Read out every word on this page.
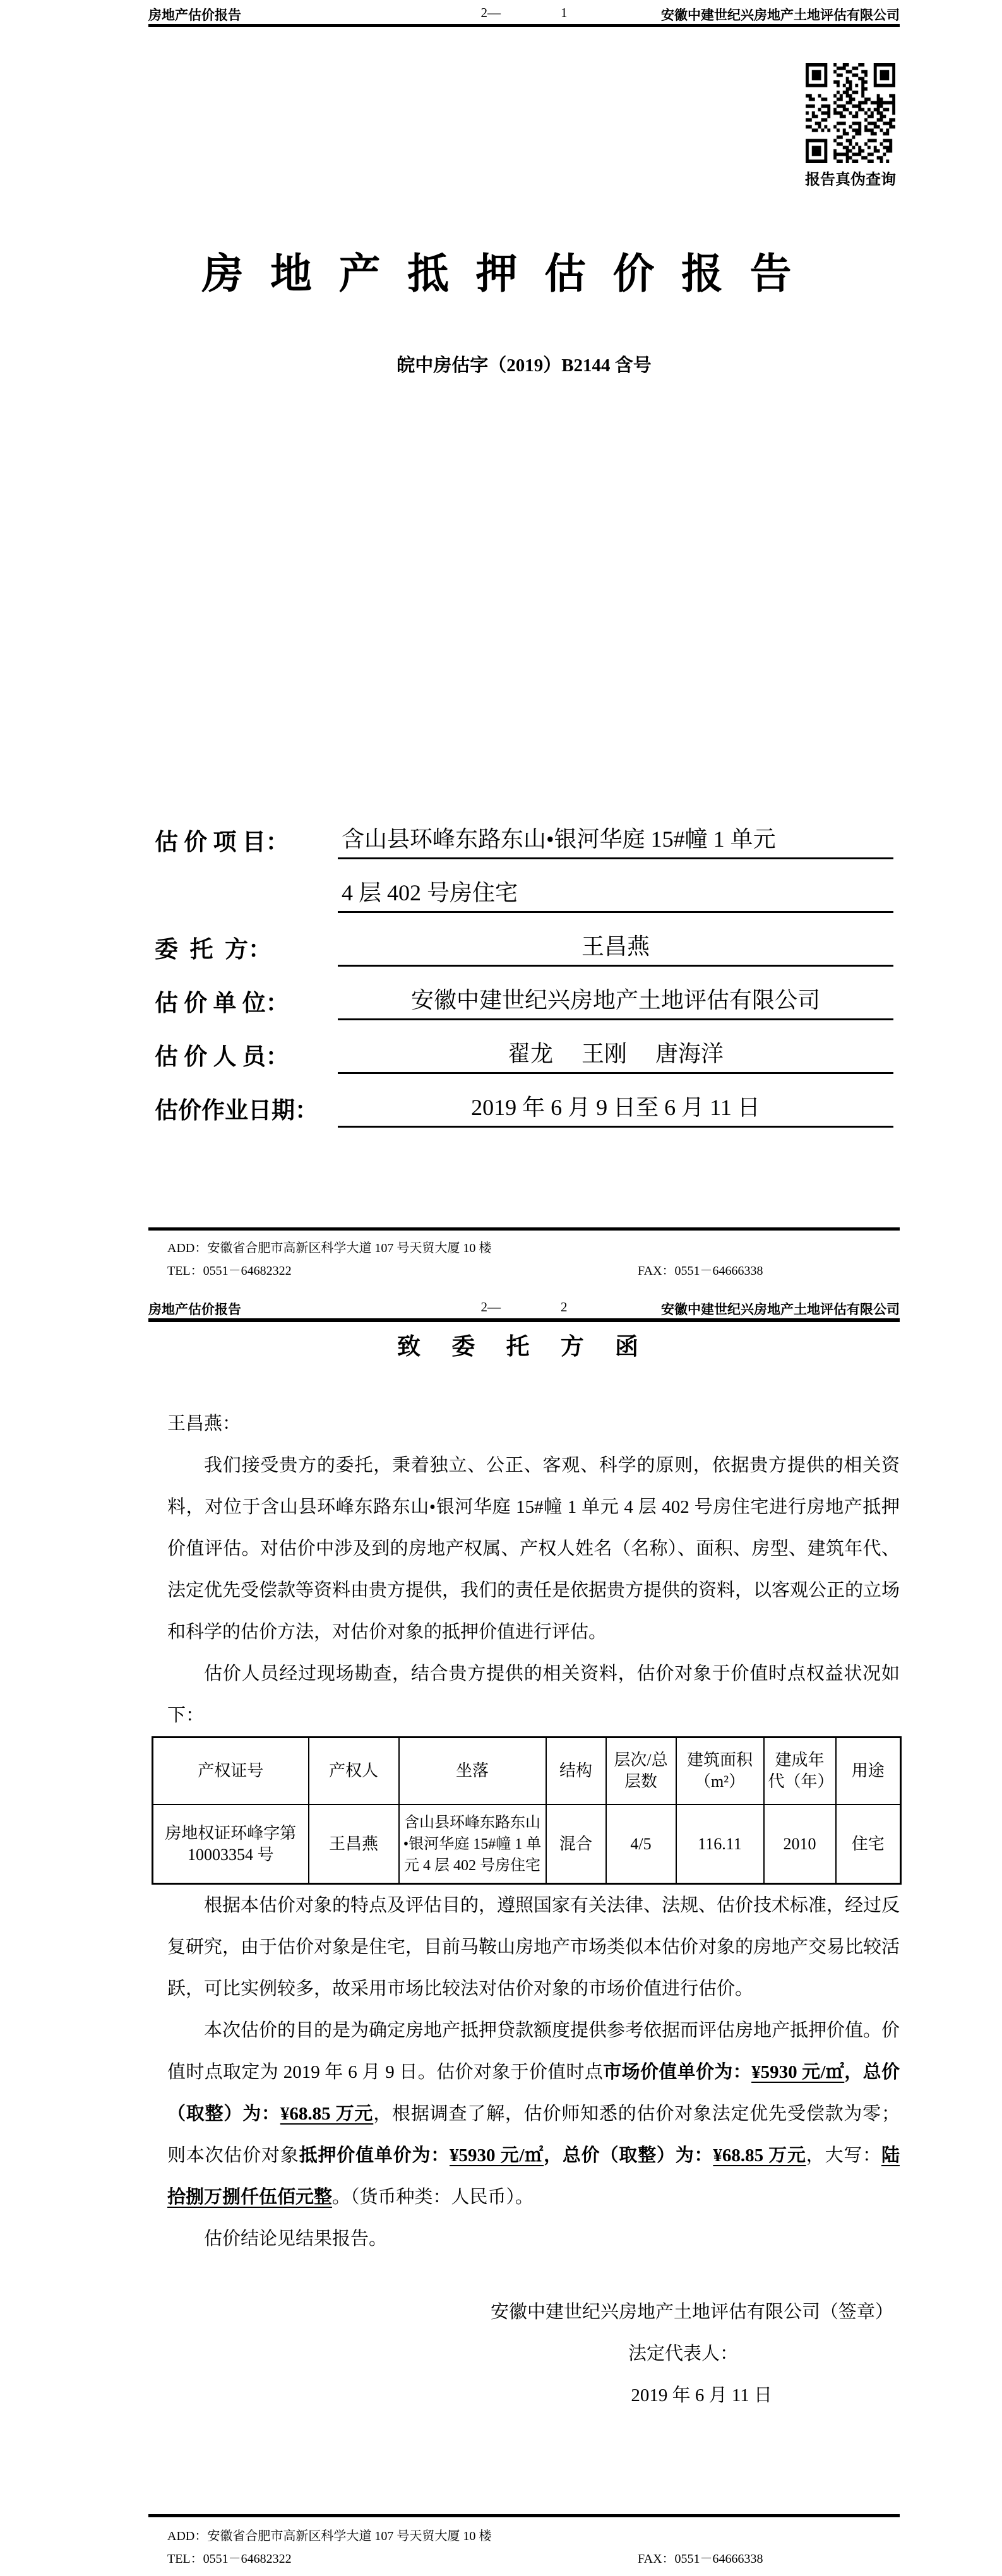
房地产估价报告	2—	1	安徽中建世纪兴房地产土地评估有限公司
报告真伪查询
房 地 产 抵 押 估 价 报 告
皖中房估字（2019）B2144 含号
估 价 项 目：	含山县环峰东路东山•银河华庭 15#幢 1 单元
4 层 402 号房住宅
委  托  方：	王昌燕
估 价 单 位：	安徽中建世纪兴房地产土地评估有限公司
估 价 人 员：	翟龙　 王刚　 唐海洋
估价作业日期：	2019 年 6 月 9 日至 6 月 11 日
ADD：安徽省合肥市高新区科学大道 107 号天贸大厦 10 楼
TEL：0551－64682322	FAX：0551－64666338
房地产估价报告	2—	2	安徽中建世纪兴房地产土地评估有限公司
致 委 托 方 函

王昌燕：

我们接受贵方的委托，秉着独立、公正、客观、科学的原则，依据贵方提供的相关资料，对位于含山县环峰东路东山•银河华庭 15#幢 1 单元 4 层 402 号房住宅进行房地产抵押价值评估。对估价中涉及到的房地产权属、产权人姓名（名称）、面积、房型、建筑年代、法定优先受偿款等资料由贵方提供，我们的责任是依据贵方提供的资料，以客观公正的立场和科学的估价方法，对估价对象的抵押价值进行评估。

估价人员经过现场勘查，结合贵方提供的相关资料，估价对象于价值时点权益状况如下：

产权证号	产权人	坐落	结构	层次/总层数	建筑面积（m²）	建成年代（年）	用途
房地权证环峰字第 10003354 号	王昌燕	含山县环峰东路东山•银河华庭 15#幢 1 单元 4 层 402 号房住宅	混合	4/5	116.11	2010	住宅

根据本估价对象的特点及评估目的，遵照国家有关法律、法规、估价技术标准，经过反复研究，由于估价对象是住宅，目前马鞍山房地产市场类似本估价对象的房地产交易比较活跃，可比实例较多，故采用市场比较法对估价对象的市场价值进行估价。

本次估价的目的是为确定房地产抵押贷款额度提供参考依据而评估房地产抵押价值。价值时点取定为 2019 年 6 月 9 日。估价对象于价值时点市场价值单价为：¥5930 元/㎡，总价（取整）为：¥68.85 万元，根据调查了解，估价师知悉的估价对象法定优先受偿款为零；则本次估价对象抵押价值单价为：¥5930 元/㎡，总价（取整）为：¥68.85 万元，大写：陆拾捌万捌仟伍佰元整。（货币种类：人民币）。

估价结论见结果报告。

安徽中建世纪兴房地产土地评估有限公司（签章）
法定代表人：
2019 年 6 月 11 日
ADD：安徽省合肥市高新区科学大道 107 号天贸大厦 10 楼
TEL：0551－64682322	FAX：0551－64666338
